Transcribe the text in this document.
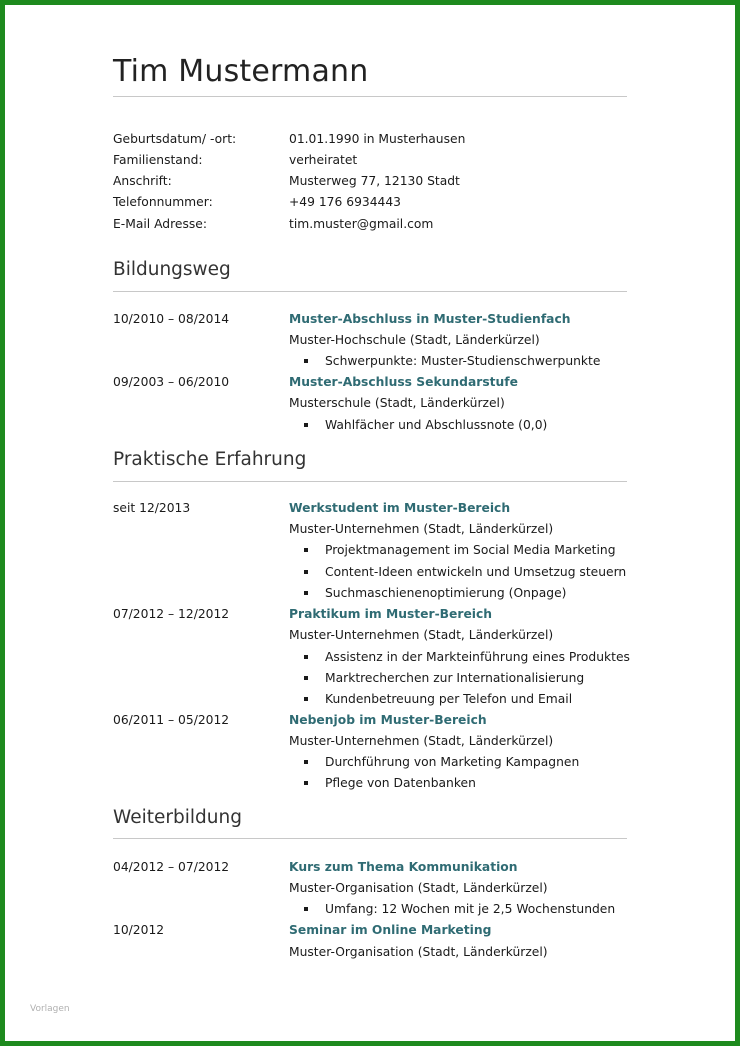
Tim Mustermann
Geburtsdatum/ -ort:	01.01.1990 in Musterhausen
Familienstand:	verheiratet
Anschrift:	Musterweg 77, 12130 Stadt
Telefonnummer:	+49 176 6934443
E-Mail Adresse:	tim.muster@gmail.com
Bildungsweg
10/2010 – 08/2014	Muster-Abschluss in Muster-Studienfach
Muster-Hochschule (Stadt, Länderkürzel)
Schwerpunkte: Muster-Studienschwerpunkte
09/2003 – 06/2010	Muster-Abschluss Sekundarstufe
Musterschule (Stadt, Länderkürzel)
Wahlfächer und Abschlussnote (0,0)
Praktische Erfahrung
seit 12/2013	Werkstudent im Muster-Bereich
Muster-Unternehmen (Stadt, Länderkürzel)
Projektmanagement im Social Media Marketing
Content-Ideen entwickeln und Umsetzug steuern
Suchmaschienenoptimierung (Onpage)
07/2012 – 12/2012	Praktikum im Muster-Bereich
Muster-Unternehmen (Stadt, Länderkürzel)
Assistenz in der Markteinführung eines Produktes
Marktrecherchen zur Internationalisierung
Kundenbetreuung per Telefon und Email
06/2011 – 05/2012	Nebenjob im Muster-Bereich
Muster-Unternehmen (Stadt, Länderkürzel)
Durchführung von Marketing Kampagnen
Pflege von Datenbanken
Weiterbildung
04/2012 – 07/2012	Kurs zum Thema Kommunikation
Muster-Organisation (Stadt, Länderkürzel)
Umfang: 12 Wochen mit je 2,5 Wochenstunden
10/2012	Seminar im Online Marketing
Muster-Organisation (Stadt, Länderkürzel)
Vorlagen
